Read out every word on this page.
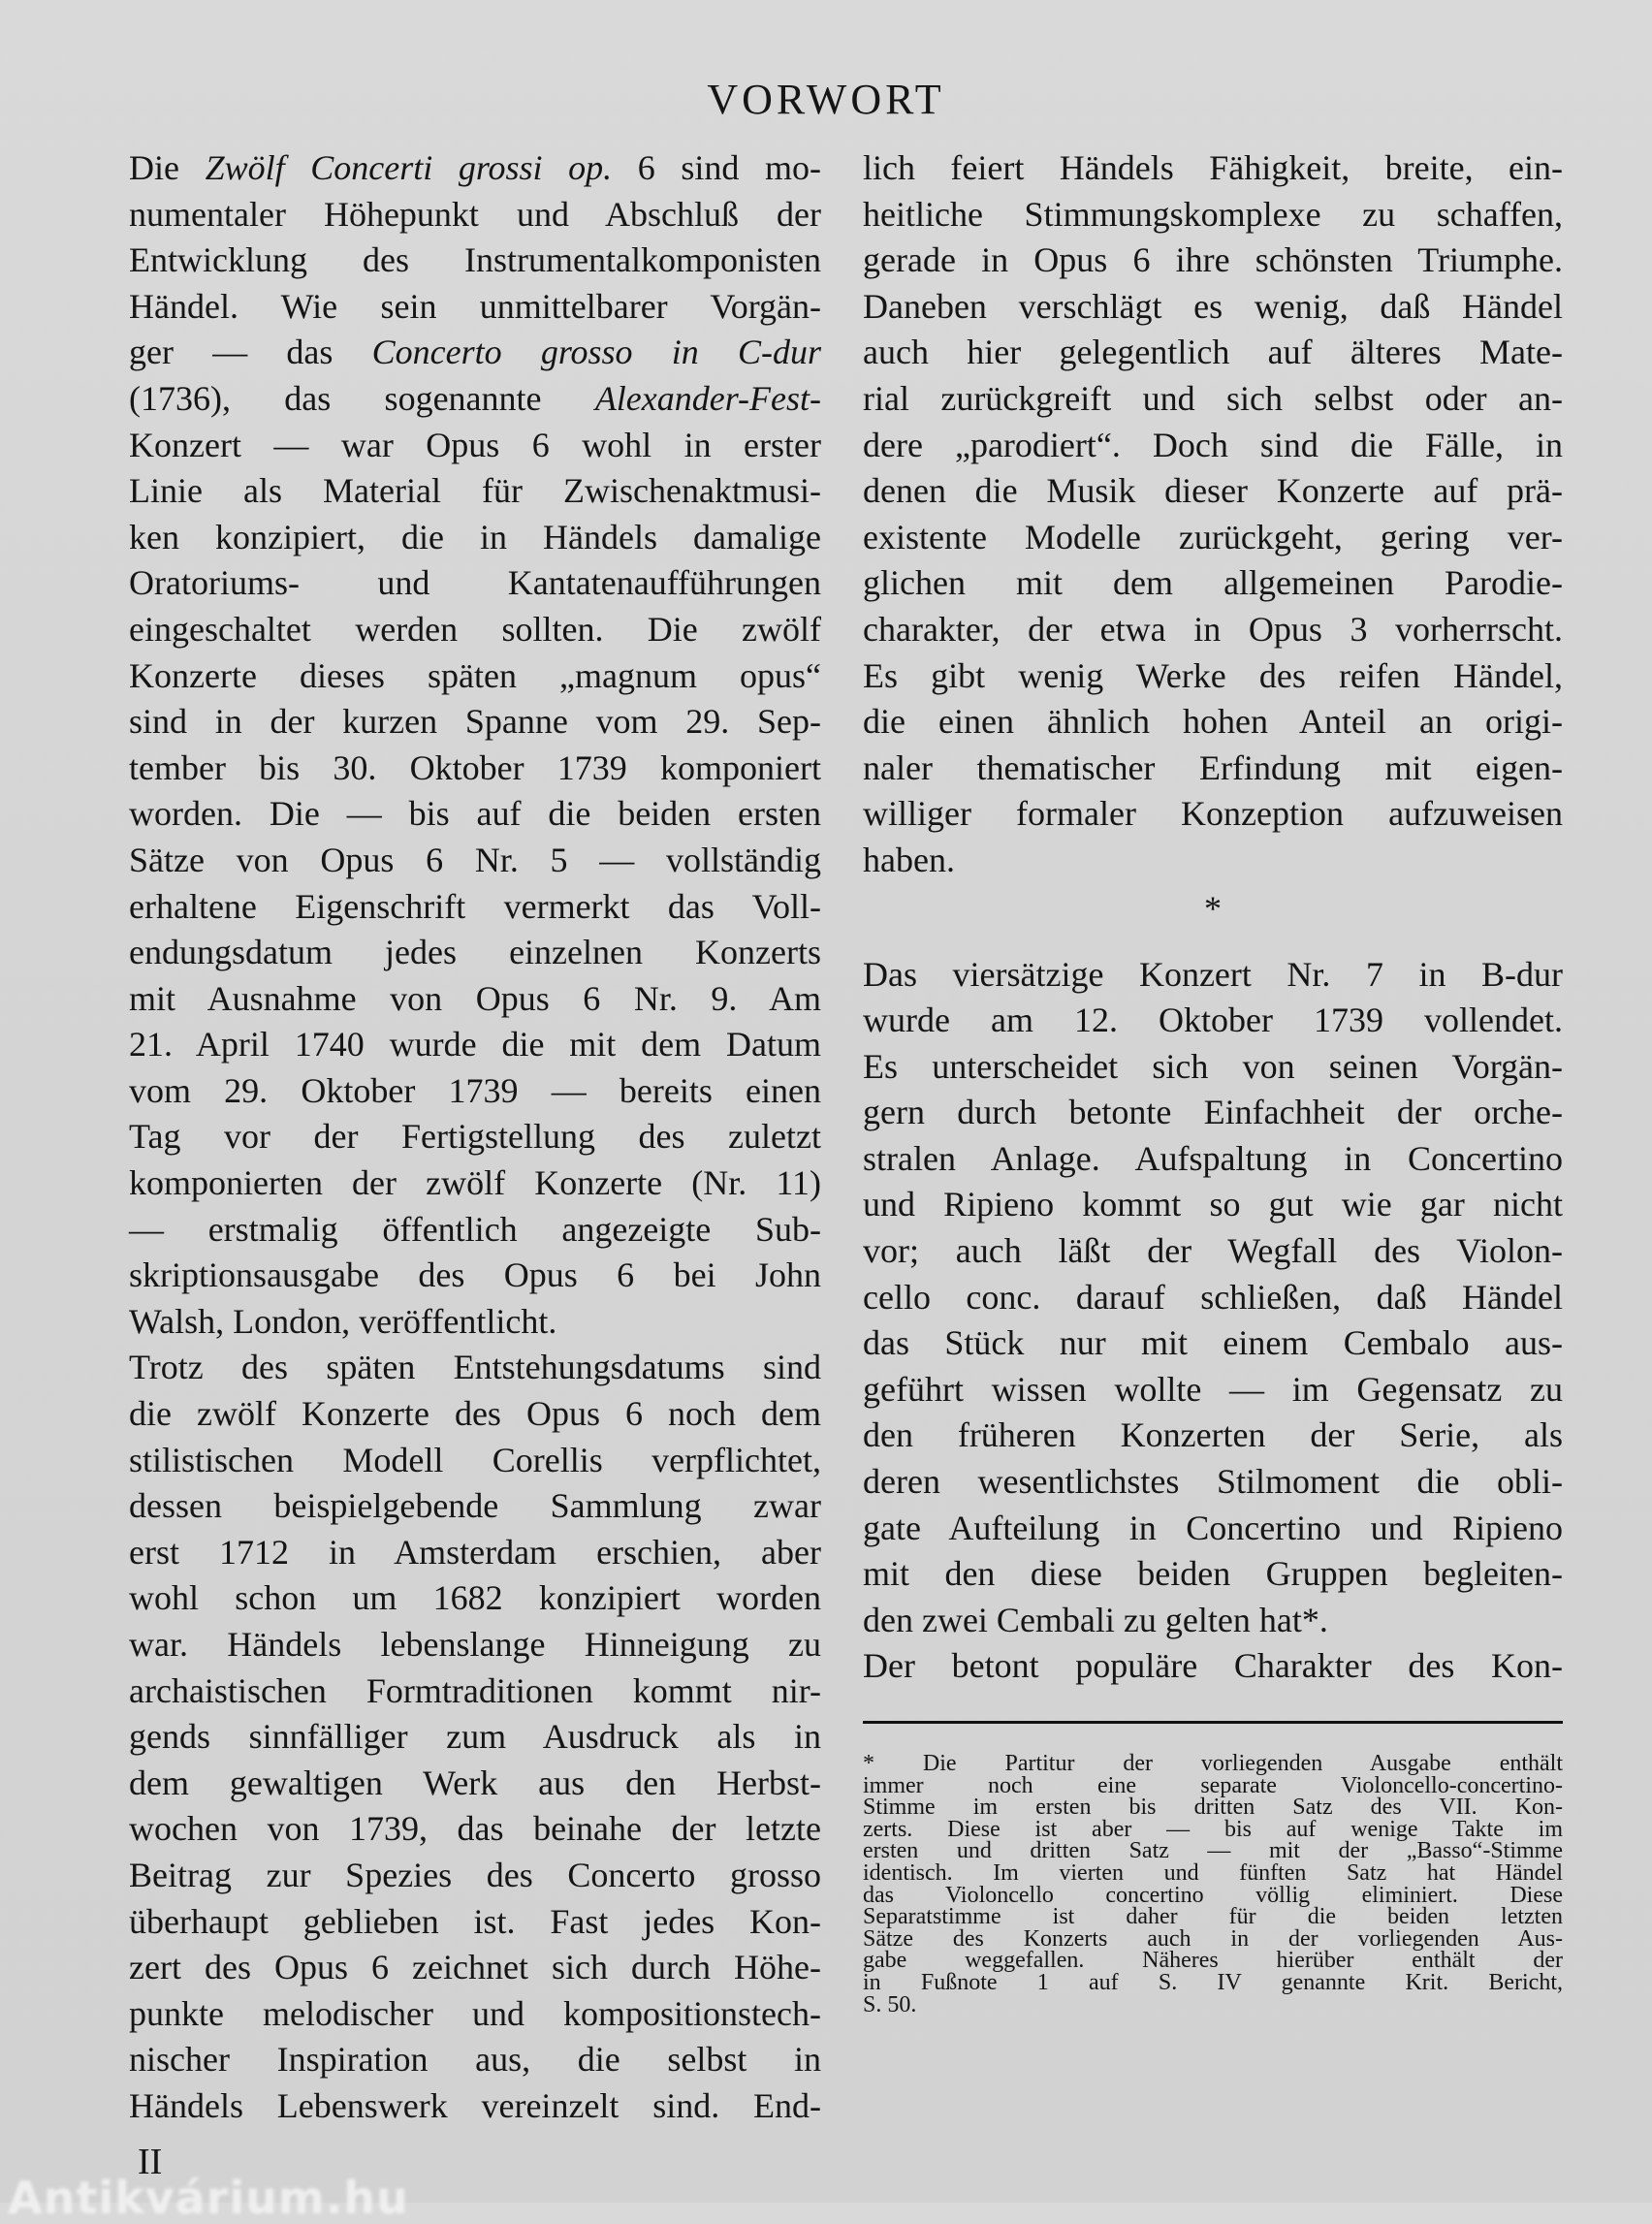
VORWORT
Die Zwölf Concerti grossi op. 6 sind mo-
numentaler Höhepunkt und Abschluß der
Entwicklung des Instrumentalkomponisten
Händel. Wie sein unmittelbarer Vorgän-
ger — das Concerto grosso in C-dur
(1736), das sogenannte Alexander-Fest-
Konzert — war Opus 6 wohl in erster
Linie als Material für Zwischenaktmusi-
ken konzipiert, die in Händels damalige
Oratoriums- und Kantatenaufführungen
eingeschaltet werden sollten. Die zwölf
Konzerte dieses späten „magnum opus“
sind in der kurzen Spanne vom 29. Sep-
tember bis 30. Oktober 1739 komponiert
worden. Die — bis auf die beiden ersten
Sätze von Opus 6 Nr. 5 — vollständig
erhaltene Eigenschrift vermerkt das Voll-
endungsdatum jedes einzelnen Konzerts
mit Ausnahme von Opus 6 Nr. 9. Am
21. April 1740 wurde die mit dem Datum
vom 29. Oktober 1739 — bereits einen
Tag vor der Fertigstellung des zuletzt
komponierten der zwölf Konzerte (Nr. 11)
— erstmalig öffentlich angezeigte Sub-
skriptionsausgabe des Opus 6 bei John
Walsh, London, veröffentlicht.
Trotz des späten Entstehungsdatums sind
die zwölf Konzerte des Opus 6 noch dem
stilistischen Modell Corellis verpflichtet,
dessen beispielgebende Sammlung zwar
erst 1712 in Amsterdam erschien, aber
wohl schon um 1682 konzipiert worden
war. Händels lebenslange Hinneigung zu
archaistischen Formtraditionen kommt nir-
gends sinnfälliger zum Ausdruck als in
dem gewaltigen Werk aus den Herbst-
wochen von 1739, das beinahe der letzte
Beitrag zur Spezies des Concerto grosso
überhaupt geblieben ist. Fast jedes Kon-
zert des Opus 6 zeichnet sich durch Höhe-
punkte melodischer und kompositionstech-
nischer Inspiration aus, die selbst in
Händels Lebenswerk vereinzelt sind. End-
lich feiert Händels Fähigkeit, breite, ein-
heitliche Stimmungskomplexe zu schaffen,
gerade in Opus 6 ihre schönsten Triumphe.
Daneben verschlägt es wenig, daß Händel
auch hier gelegentlich auf älteres Mate-
rial zurückgreift und sich selbst oder an-
dere „parodiert“. Doch sind die Fälle, in
denen die Musik dieser Konzerte auf prä-
existente Modelle zurückgeht, gering ver-
glichen mit dem allgemeinen Parodie-
charakter, der etwa in Opus 3 vorherrscht.
Es gibt wenig Werke des reifen Händel,
die einen ähnlich hohen Anteil an origi-
naler thematischer Erfindung mit eigen-
williger formaler Konzeption aufzuweisen
haben.
*
Das viersätzige Konzert Nr. 7 in B-dur
wurde am 12. Oktober 1739 vollendet.
Es unterscheidet sich von seinen Vorgän-
gern durch betonte Einfachheit der orche-
stralen Anlage. Aufspaltung in Concertino
und Ripieno kommt so gut wie gar nicht
vor; auch läßt der Wegfall des Violon-
cello conc. darauf schließen, daß Händel
das Stück nur mit einem Cembalo aus-
geführt wissen wollte — im Gegensatz zu
den früheren Konzerten der Serie, als
deren wesentlichstes Stilmoment die obli-
gate Aufteilung in Concertino und Ripieno
mit den diese beiden Gruppen begleiten-
den zwei Cembali zu gelten hat*.
Der betont populäre Charakter des Kon-
* Die Partitur der vorliegenden Ausgabe enthält
immer noch eine separate Violoncello-concertino-
Stimme im ersten bis dritten Satz des VII. Kon-
zerts. Diese ist aber — bis auf wenige Takte im
ersten und dritten Satz — mit der „Basso“-Stimme
identisch. Im vierten und fünften Satz hat Händel
das Violoncello concertino völlig eliminiert. Diese
Separatstimme ist daher für die beiden letzten
Sätze des Konzerts auch in der vorliegenden Aus-
gabe weggefallen. Näheres hierüber enthält der
in Fußnote 1 auf S. IV genannte Krit. Bericht,
S. 50.
II
Antikvárium.hu
